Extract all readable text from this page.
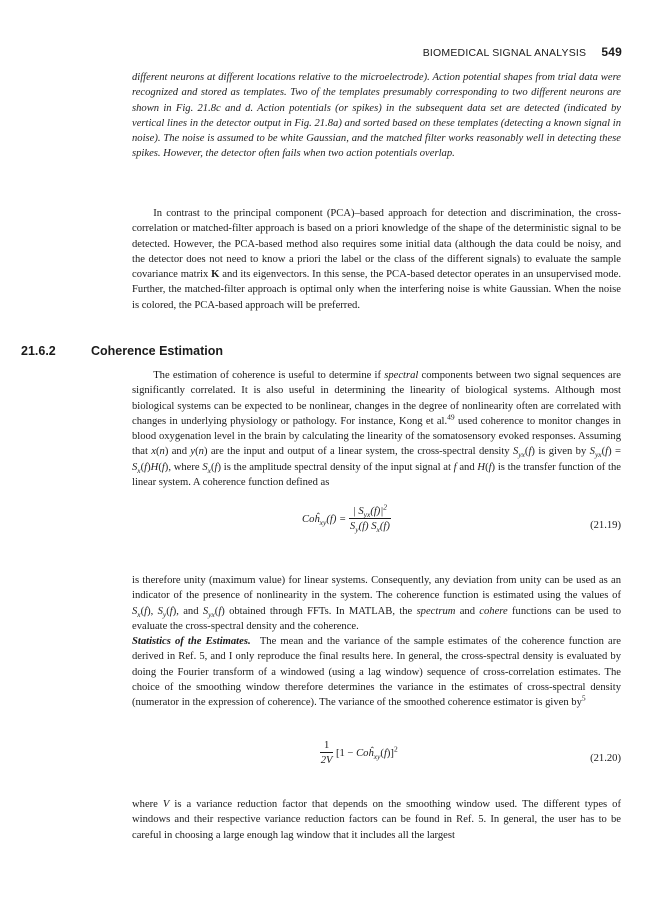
BIOMEDICAL SIGNAL ANALYSIS 549
different neurons at different locations relative to the microelectrode). Action potential shapes from trial data were recognized and stored as templates. Two of the templates presumably corresponding to two different neurons are shown in Fig. 21.8c and d. Action potentials (or spikes) in the subsequent data set are detected (indicated by vertical lines in the detector output in Fig. 21.8a) and sorted based on these templates (detecting a known signal in noise). The noise is assumed to be white Gaussian, and the matched filter works reasonably well in detecting these spikes. However, the detector often fails when two action potentials overlap.
  In contrast to the principal component (PCA)–based approach for detection and discrimination, the cross-correlation or matched-filter approach is based on a priori knowledge of the shape of the deterministic signal to be detected. However, the PCA-based method also requires some initial data (although the data could be noisy, and the detector does not need to know a priori the label or the class of the different signals) to evaluate the sample covariance matrix K and its eigenvectors. In this sense, the PCA-based detector operates in an unsupervised mode. Further, the matched-filter approach is optimal only when the interfering noise is white Gaussian. When the noise is colored, the PCA-based approach will be preferred.
21.6.2	Coherence Estimation
  The estimation of coherence is useful to determine if spectral components between two signal sequences are significantly correlated. It is also useful in determining the linearity of biological systems. Although most biological systems can be expected to be nonlinear, changes in the degree of nonlinearity often are correlated with changes in underlying physiology or pathology. For instance, Kong et al.$^{49}$ used coherence to monitor changes in blood oxygenation level in the brain by calculating the linearity of the somatosensory evoked responses. Assuming that x(n) and y(n) are the input and output of a linear system, the cross-spectral density $S_{yx}(f)$ is given by $S_{yx}(f) = S_x(f)H(f)$, where $S_x(f)$ is the amplitude spectral density of the input signal at f and H(f) is the transfer function of the linear system. A coherence function defined as
$Coĥ_{xy}(f) = \frac{| S_{yx}(f)|^2}{S_y(f) S_x(f)}$	(21.19)
is therefore unity (maximum value) for linear systems. Consequently, any deviation from unity can be used as an indicator of the presence of nonlinearity in the system. The coherence function is estimated using the values of $S_x(f)$, $S_y(f)$, and $S_{yx}(f)$ obtained through FFTs. In MATLAB, the spectrum and cohere functions can be used to evaluate the cross-spectral density and the coherence.
Statistics of the Estimates.  The mean and the variance of the sample estimates of the coherence function are derived in Ref. 5, and I only reproduce the final results here. In general, the cross-spectral density is evaluated by doing the Fourier transform of a windowed (using a lag window) sequence of cross-correlation estimates. The choice of the smoothing window therefore determines the variance in the estimates of cross-spectral density (numerator in the expression of coherence). The variance of the smoothed coherence estimator is given $by^5$
$\frac{1}{2V} [1$ − $Coĥ_{xy}(f)]^2$
(21.20)
where V is a variance reduction factor that depends on the smoothing window used. The different types of windows and their respective variance reduction factors can be found in Ref. 5. In general, the user has to be careful in choosing a large enough lag window that it includes all the largest
